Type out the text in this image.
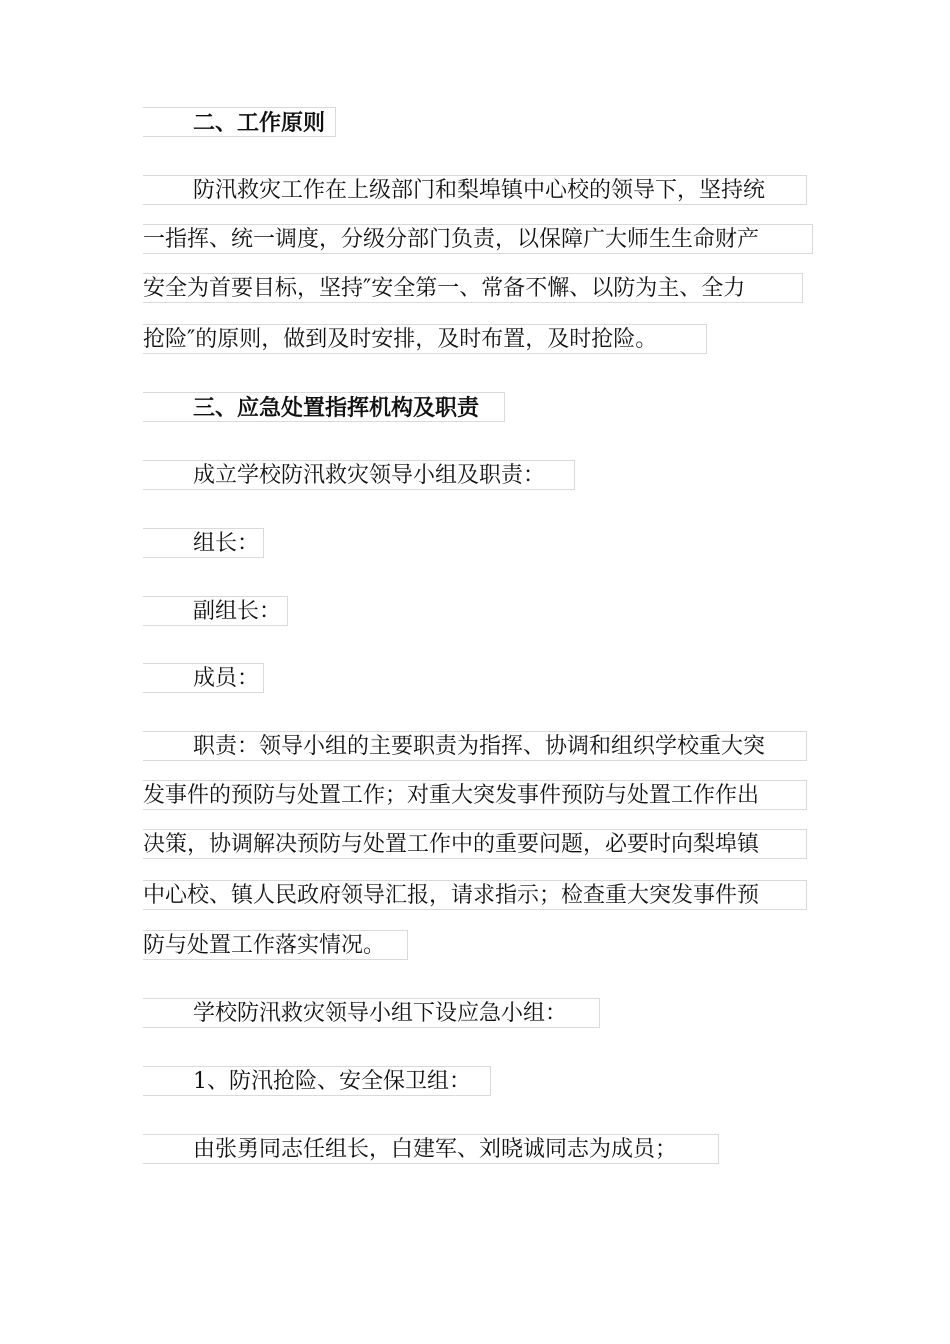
二、工作原则
防汛救灾工作在上级部门和梨埠镇中心校的领导下，坚持统
一指挥、统一调度，分级分部门负责，以保障广大师生生命财产
安全为首要目标，坚持″安全第一、常备不懈、以防为主、全力
抢险″的原则，做到及时安排，及时布置，及时抢险。
三、应急处置指挥机构及职责
成立学校防汛救灾领导小组及职责：
组长：
副组长：
成员：
职责：领导小组的主要职责为指挥、协调和组织学校重大突
发事件的预防与处置工作；对重大突发事件预防与处置工作作出
决策，协调解决预防与处置工作中的重要问题，必要时向梨埠镇
中心校、镇人民政府领导汇报，请求指示；检查重大突发事件预
防与处置工作落实情况。
学校防汛救灾领导小组下设应急小组：
1、防汛抢险、安全保卫组：
由张勇同志任组长，白建军、刘晓诚同志为成员；
